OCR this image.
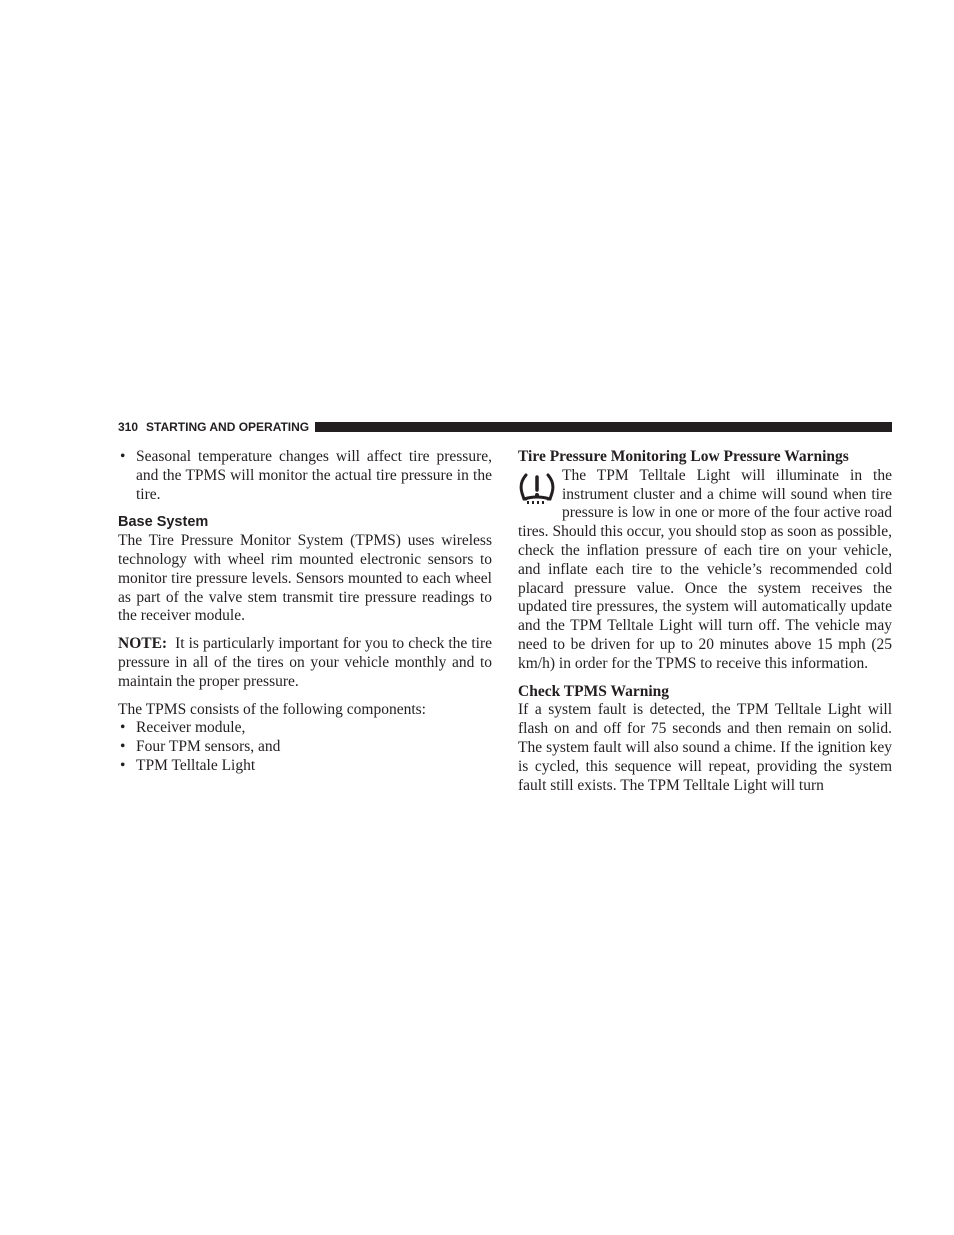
310 STARTING AND OPERATING
• Seasonal temperature changes will affect tire pressure, and the TPMS will monitor the actual tire pressure in the tire.
Base System

The Tire Pressure Monitor System (TPMS) uses wireless technology with wheel rim mounted electronic sensors to monitor tire pressure levels. Sensors mounted to each wheel as part of the valve stem transmit tire pressure readings to the receiver module.

NOTE: It is particularly important for you to check the tire pressure in all of the tires on your vehicle monthly and to maintain the proper pressure.

The TPMS consists of the following components:

• Receiver module,
• Four TPM sensors, and
• TPM Telltale Light
Tire Pressure Monitoring Low Pressure Warnings

The TPM Telltale Light will illuminate in the instrument cluster and a chime will sound when tire pressure is low in one or more of the four active road tires. Should this occur, you should stop as soon as possible, check the inflation pressure of each tire on your vehicle, and inflate each tire to the vehicle’s recommended cold placard pressure value. Once the system receives the updated tire pressures, the system will automatically update and the TPM Telltale Light will turn off. The vehicle may need to be driven for up to 20 minutes above 15 mph (25 km/h) in order for the TPMS to receive this information.

Check TPMS Warning

If a system fault is detected, the TPM Telltale Light will flash on and off for 75 seconds and then remain on solid. The system fault will also sound a chime. If the ignition key is cycled, this sequence will repeat, providing the system fault still exists. The TPM Telltale Light will turn
